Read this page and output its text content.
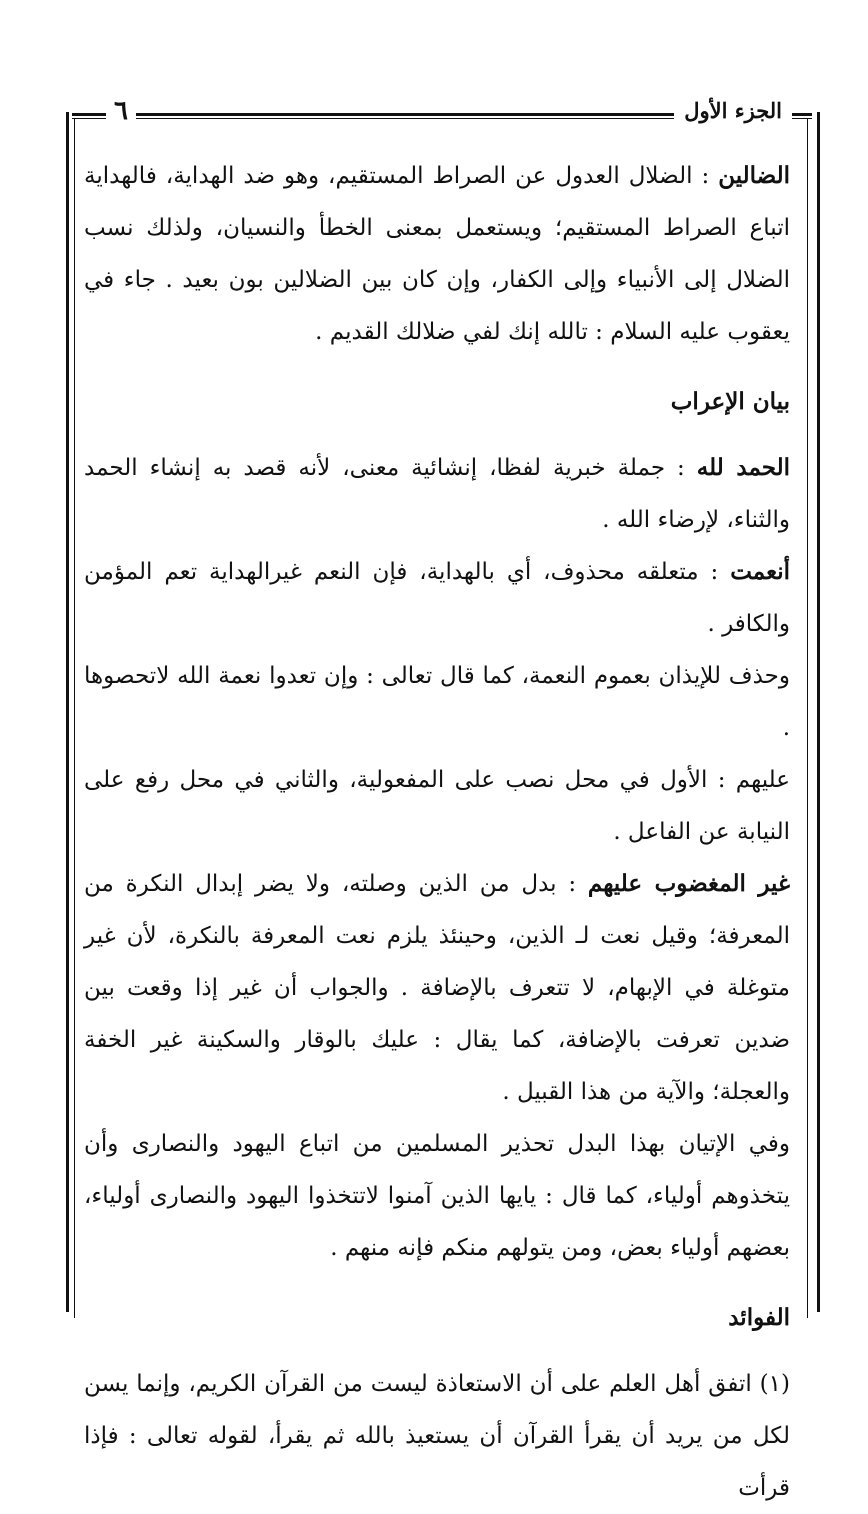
الجزء الأول
٦

الضالين : الضلال العدول عن الصراط المستقيم، وهو ضد الهداية، فالهداية اتباع الصراط المستقيم؛ ويستعمل بمعنى الخطأ والنسيان، ولذلك نسب الضلال إلى الأنبياء وإلى الكفار، وإن كان بين الضلالين بون بعيد . جاء في يعقوب عليه السلام : تالله إنك لفي ضلالك القديم .

بيان الإعراب

الحمد لله : جملة خبرية لفظا، إنشائية معنى، لأنه قصد به إنشاء الحمد والثناء، لإرضاء الله .

أنعمت : متعلقه محذوف، أي بالهداية، فإن النعم غيرالهداية تعم المؤمن والكافر .

وحذف للإيذان بعموم النعمة، كما قال تعالى : وإن تعدوا نعمة الله لاتحصوها .

عليهم : الأول في محل نصب على المفعولية، والثاني في محل رفع على النيابة عن الفاعل .

غير المغضوب عليهم : بدل من الذين وصلته، ولا يضر إبدال النكرة من المعرفة؛ وقيل نعت لـ الذين، وحينئذ يلزم نعت المعرفة بالنكرة، لأن غير متوغلة في الإبهام، لا تتعرف بالإضافة . والجواب أن غير إذا وقعت بين ضدين تعرفت بالإضافة، كما يقال : عليك بالوقار والسكينة غير الخفة والعجلة؛ والآية من هذا القبيل .

وفي الإتيان بهذا البدل تحذير المسلمين من اتباع اليهود والنصارى وأن يتخذوهم أولياء، كما قال : يايها الذين آمنوا لاتتخذوا اليهود والنصارى أولياء، بعضهم أولياء بعض، ومن يتولهم منكم فإنه منهم .

الفوائد

(١) اتفق أهل العلم على أن الاستعاذة ليست من القرآن الكريم، وإنما يسن لكل من يريد أن يقرأ القرآن أن يستعيذ بالله ثم يقرأ، لقوله تعالى : فإذا قرأت
